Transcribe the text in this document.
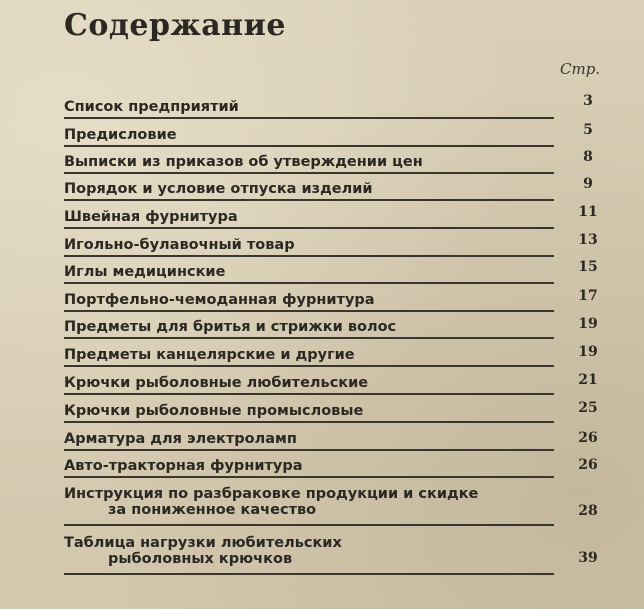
Содержание
Стр.
Список предприятий	3
Предисловие	5
Выписки из приказов об утверждении цен	8
Порядок и условие отпуска изделий	9
Швейная фурнитура	11
Игольно-булавочный товар	13
Иглы медицинские	15
Портфельно-чемоданная фурнитура	17
Предметы для бритья и стрижки волос	19
Предметы канцелярские и другие	19
Крючки рыболовные любительские	21
Крючки рыболовные промысловые	25
Арматура для электроламп	26
Авто-тракторная фурнитура	26
Инструкция по разбраковке продукции и скидке
за пониженное качество	28
Таблица нагрузки любительских
рыболовных крючков	39
